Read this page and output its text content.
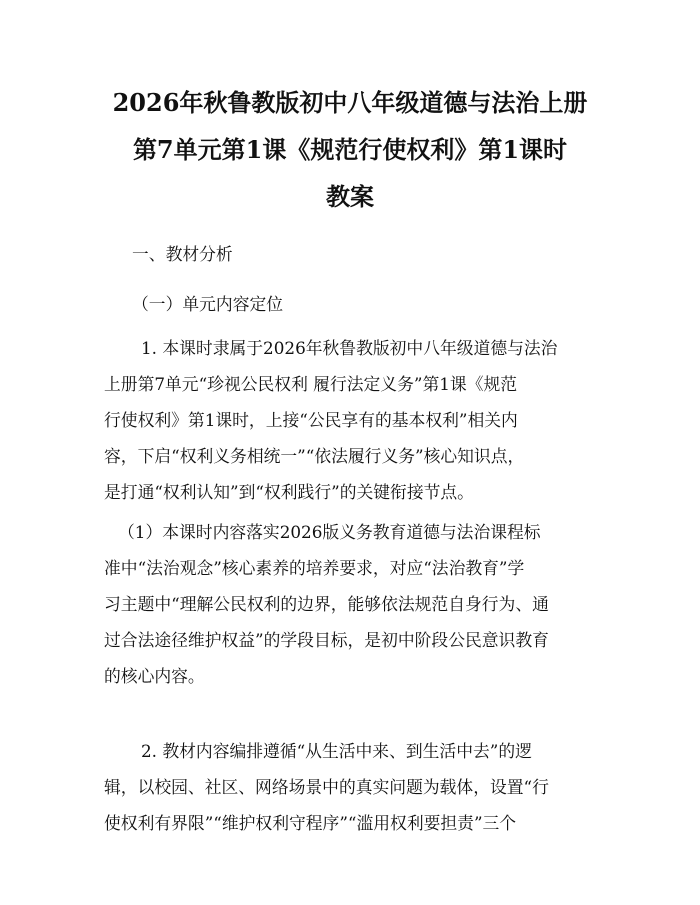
2026年秋鲁教版初中八年级道德与法治上册
第7单元第1课《规范行使权利》第1课时
教案

一、教材分析

（一）单元内容定位

1. 本课时隶属于2026年秋鲁教版初中八年级道德与法治
上册第7单元“珍视公民权利 履行法定义务”第1课《规范
行使权利》第1课时，上接“公民享有的基本权利”相关内
容，下启“权利义务相统一”“依法履行义务”核心知识点，
是打通“权利认知”到“权利践行”的关键衔接节点。
（1）本课时内容落实2026版义务教育道德与法治课程标
准中“法治观念”核心素养的培养要求，对应“法治教育”学
习主题中“理解公民权利的边界，能够依法规范自身行为、通
过合法途径维护权益”的学段目标，是初中阶段公民意识教育
的核心内容。
2. 教材内容编排遵循“从生活中来、到生活中去”的逻
辑，以校园、社区、网络场景中的真实问题为载体，设置“行
使权利有界限”“维护权利守程序”“滥用权利要担责”三个
